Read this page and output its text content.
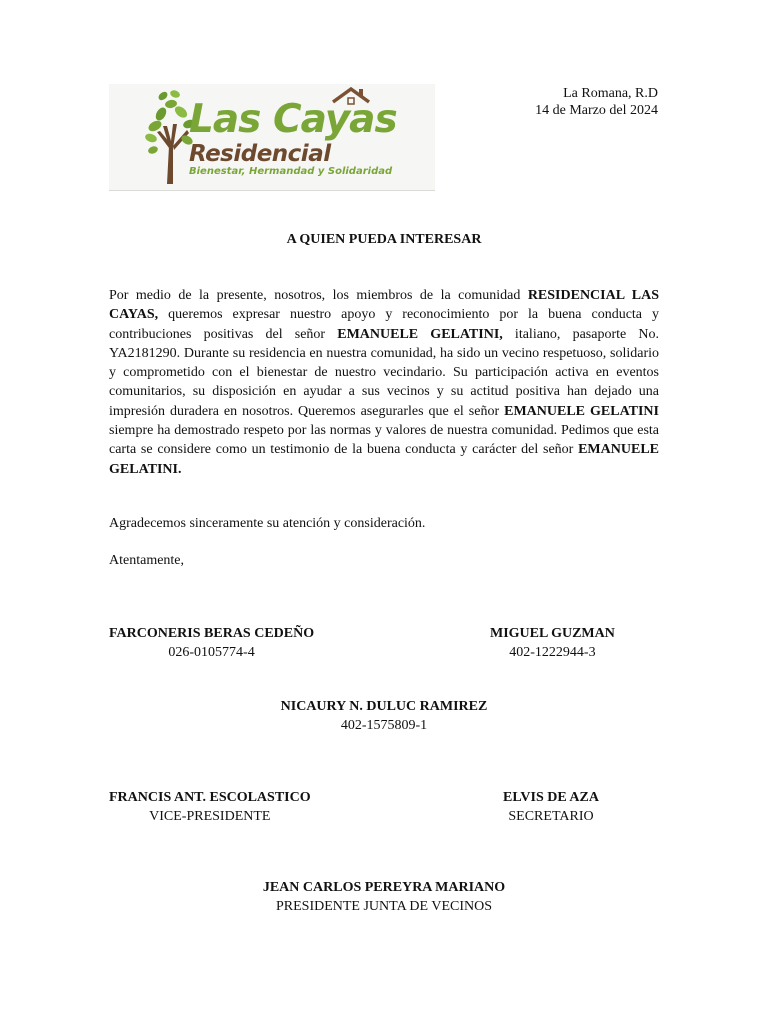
Las Cayas
Residencial
Bienestar, Hermandad y Solidaridad
La Romana, R.D
14 de Marzo del 2024
A QUIEN PUEDA INTERESAR
Por medio de la presente, nosotros, los miembros de la comunidad RESIDENCIAL LAS CAYAS, queremos expresar nuestro apoyo y reconocimiento por la buena conducta y contribuciones positivas del señor EMANUELE GELATINI, italiano, pasaporte No. YA2181290. Durante su residencia en nuestra comunidad, ha sido un vecino respetuoso, solidario y comprometido con el bienestar de nuestro vecindario. Su participación activa en eventos comunitarios, su disposición en ayudar a sus vecinos y su actitud positiva han dejado una impresión duradera en nosotros. Queremos asegurarles que el señor EMANUELE GELATINI siempre ha demostrado respeto por las normas y valores de nuestra comunidad. Pedimos que esta carta se considere como un testimonio de la buena conducta y carácter del señor EMANUELE GELATINI.
Agradecemos sinceramente su atención y consideración.
Atentamente,
FARCONERIS BERAS CEDEÑO
026-0105774-4
MIGUEL GUZMAN
402-1222944-3
NICAURY N. DULUC RAMIREZ
402-1575809-1
FRANCIS ANT. ESCOLASTICO
VICE-PRESIDENTE
ELVIS DE AZA
SECRETARIO
JEAN CARLOS PEREYRA MARIANO
PRESIDENTE JUNTA DE VECINOS
